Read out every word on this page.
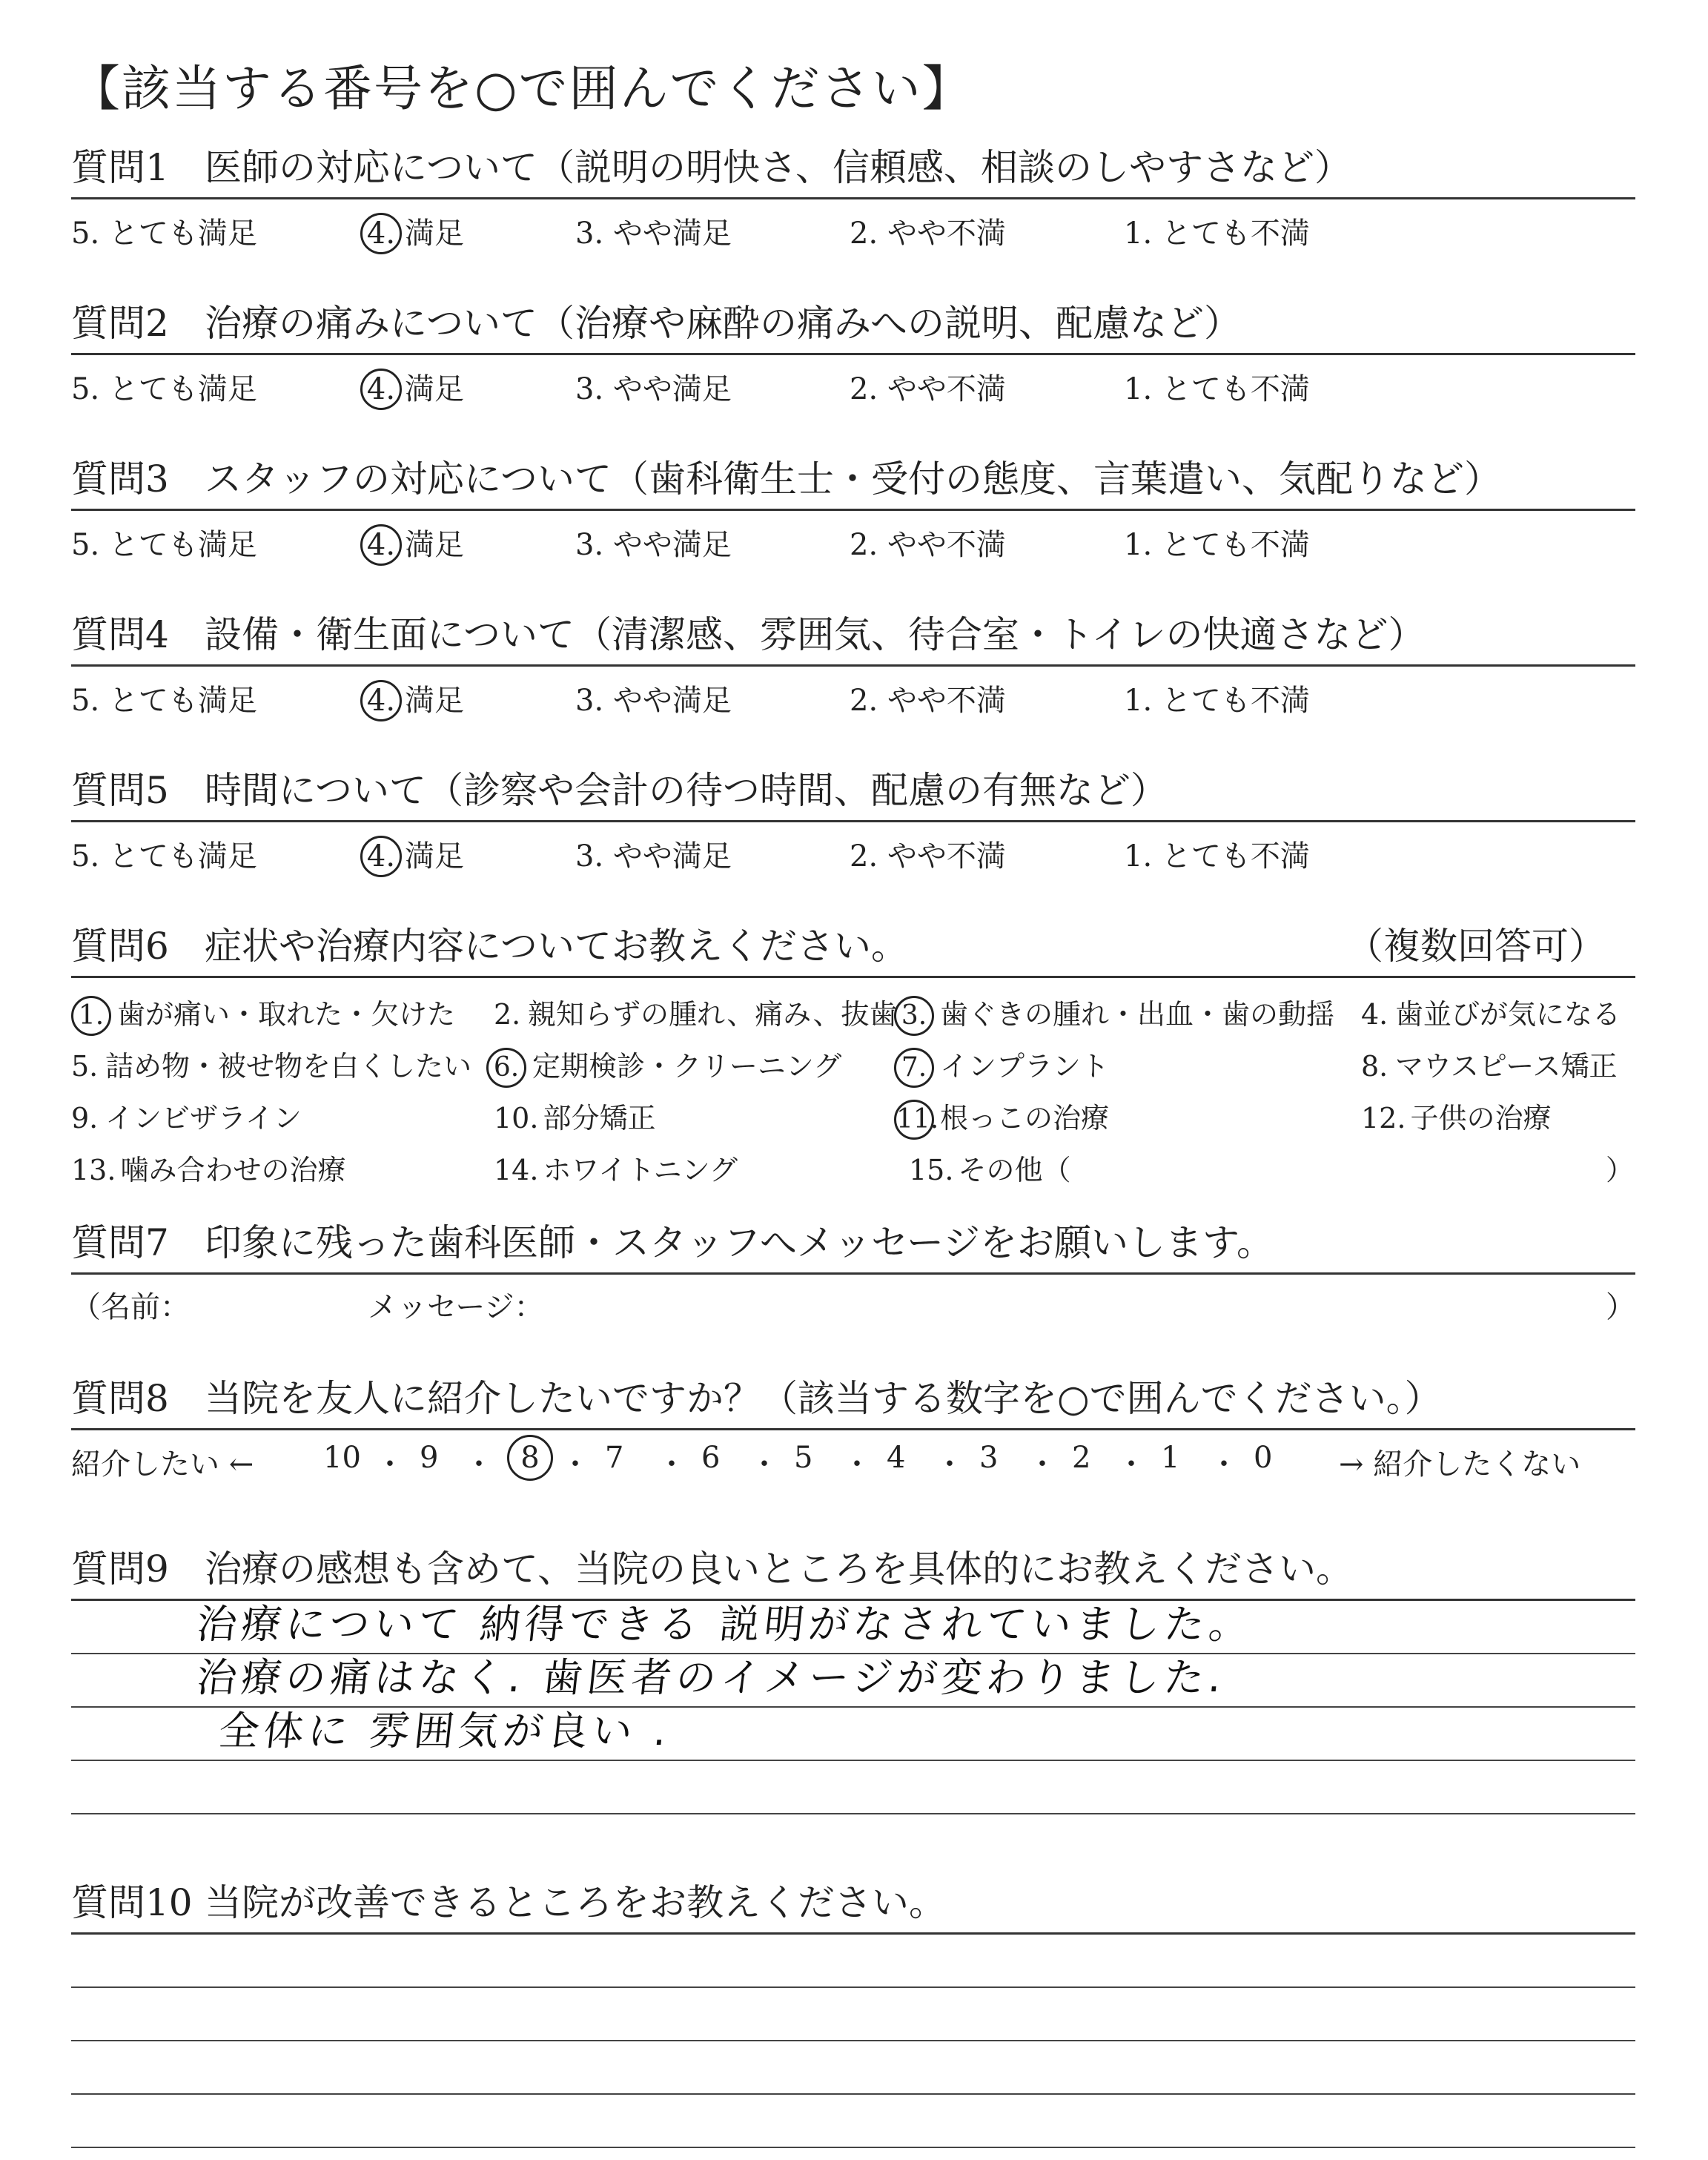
【該当する番号を○で囲んでください】
質問1 医師の対応について（説明の明快さ、信頼感、相談のしやすさなど）
5. とても満足	4. 満足	3. やや満足	2. やや不満	1. とても不満
質問2 治療の痛みについて（治療や麻酔の痛みへの説明、配慮など）
5. とても満足	4. 満足	3. やや満足	2. やや不満	1. とても不満
質問3 スタッフの対応について（歯科衛生士・受付の態度、言葉遣い、気配りなど）
5. とても満足	4. 満足	3. やや満足	2. やや不満	1. とても不満
質問4 設備・衛生面について（清潔感、雰囲気、待合室・トイレの快適さなど）
5. とても満足	4. 満足	3. やや満足	2. やや不満	1. とても不満
質問5 時間について（診察や会計の待つ時間、配慮の有無など）
5. とても満足	4. 満足	3. やや満足	2. やや不満	1. とても不満
質問6 症状や治療内容についてお教えください。	（複数回答可）
1. 歯が痛い・取れた・欠けた 2. 親知らずの腫れ、痛み、抜歯 3. 歯ぐきの腫れ・出血・歯の動揺 4. 歯並びが気になる
5. 詰め物・被せ物を白くしたい 6. 定期検診・クリーニング 7. インプラント	8. マウスピース矯正
9. インビザライン	10. 部分矯正	11.根っこの治療	12. 子供の治療
13. 噛み合わせの治療	14. ホワイトニング	15. その他（	）
質問7 印象に残った歯科医師・スタッフへメッセージをお願いします。
（名前：	メッセージ：	）
質問8 当院を友人に紹介したいですか？（該当する数字を○で囲んでください。）
紹介したい ← 10 ・ 9 ・ 8 ・ 7 ・ 6 ・ 5 ・ 4 ・ 3 ・ 2 ・ 1 ・ 0 → 紹介したくない
質問9 治療の感想も含めて、当院の良いところを具体的にお教えください。
治療について 納得できる 説明がなされていました。
治療の痛はなく. 歯医者のイメージが変わりました.
全体に 雰囲気が良い .
質問10 当院が改善できるところをお教えください。
